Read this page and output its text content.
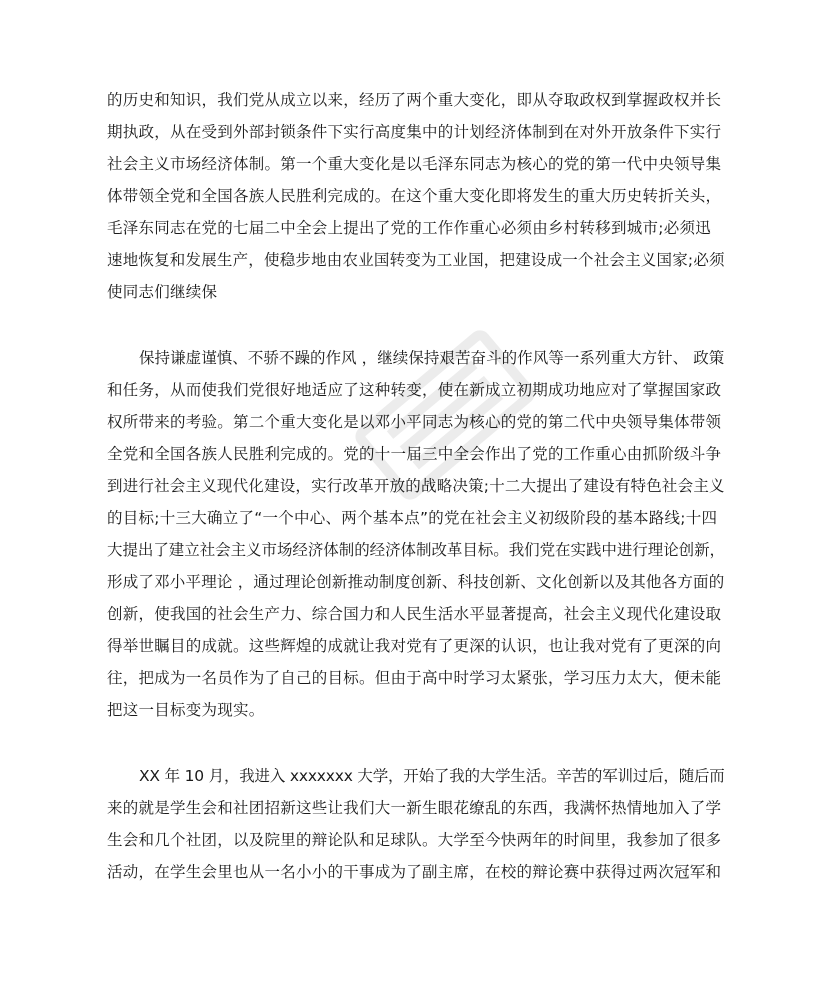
的历史和知识，我们党从成立以来，经历了两个重大变化，即从夺取政权到掌握政权并长
期执政，从在受到外部封锁条件下实行高度集中的计划经济体制到在对外开放条件下实行
社会主义市场经济体制。第一个重大变化是以毛泽东同志为核心的党的第一代中央领导集
体带领全党和全国各族人民胜利完成的。在这个重大变化即将发生的重大历史转折关头，
毛泽东同志在党的七届二中全会上提出了党的工作作重心必须由乡村转移到城市;必须迅
速地恢复和发展生产，使稳步地由农业国转变为工业国，把建设成一个社会主义国家;必须
使同志们继续保
保持谦虚谨慎、不骄不躁的作风 ，继续保持艰苦奋斗的作风等一系列重大方针、 政策
和任务，从而使我们党很好地适应了这种转变，使在新成立初期成功地应对了掌握国家政
权所带来的考验。第二个重大变化是以邓小平同志为核心的党的第二代中央领导集体带领
全党和全国各族人民胜利完成的。党的十一届三中全会作出了党的工作重心由抓阶级斗争
到进行社会主义现代化建设，实行改革开放的战略决策;十二大提出了建设有特色社会主义
的目标;十三大确立了“一个中心、两个基本点”的党在社会主义初级阶段的基本路线;十四
大提出了建立社会主义市场经济体制的经济体制改革目标。我们党在实践中进行理论创新，
形成了邓小平理论 ，通过理论创新推动制度创新、科技创新、文化创新以及其他各方面的
创新，使我国的社会生产力、综合国力和人民生活水平显著提高，社会主义现代化建设取
得举世瞩目的成就。这些辉煌的成就让我对党有了更深的认识，也让我对党有了更深的向
往，把成为一名员作为了自己的目标。但由于高中时学习太紧张，学习压力太大，便未能
把这一目标变为现实。
XX 年 10 月，我进入 xxxxxxx 大学，开始了我的大学生活。辛苦的军训过后，随后而
来的就是学生会和社团招新这些让我们大一新生眼花缭乱的东西，我满怀热情地加入了学
生会和几个社团，以及院里的辩论队和足球队。大学至今快两年的时间里，我参加了很多
活动，在学生会里也从一名小小的干事成为了副主席，在校的辩论赛中获得过两次冠军和
